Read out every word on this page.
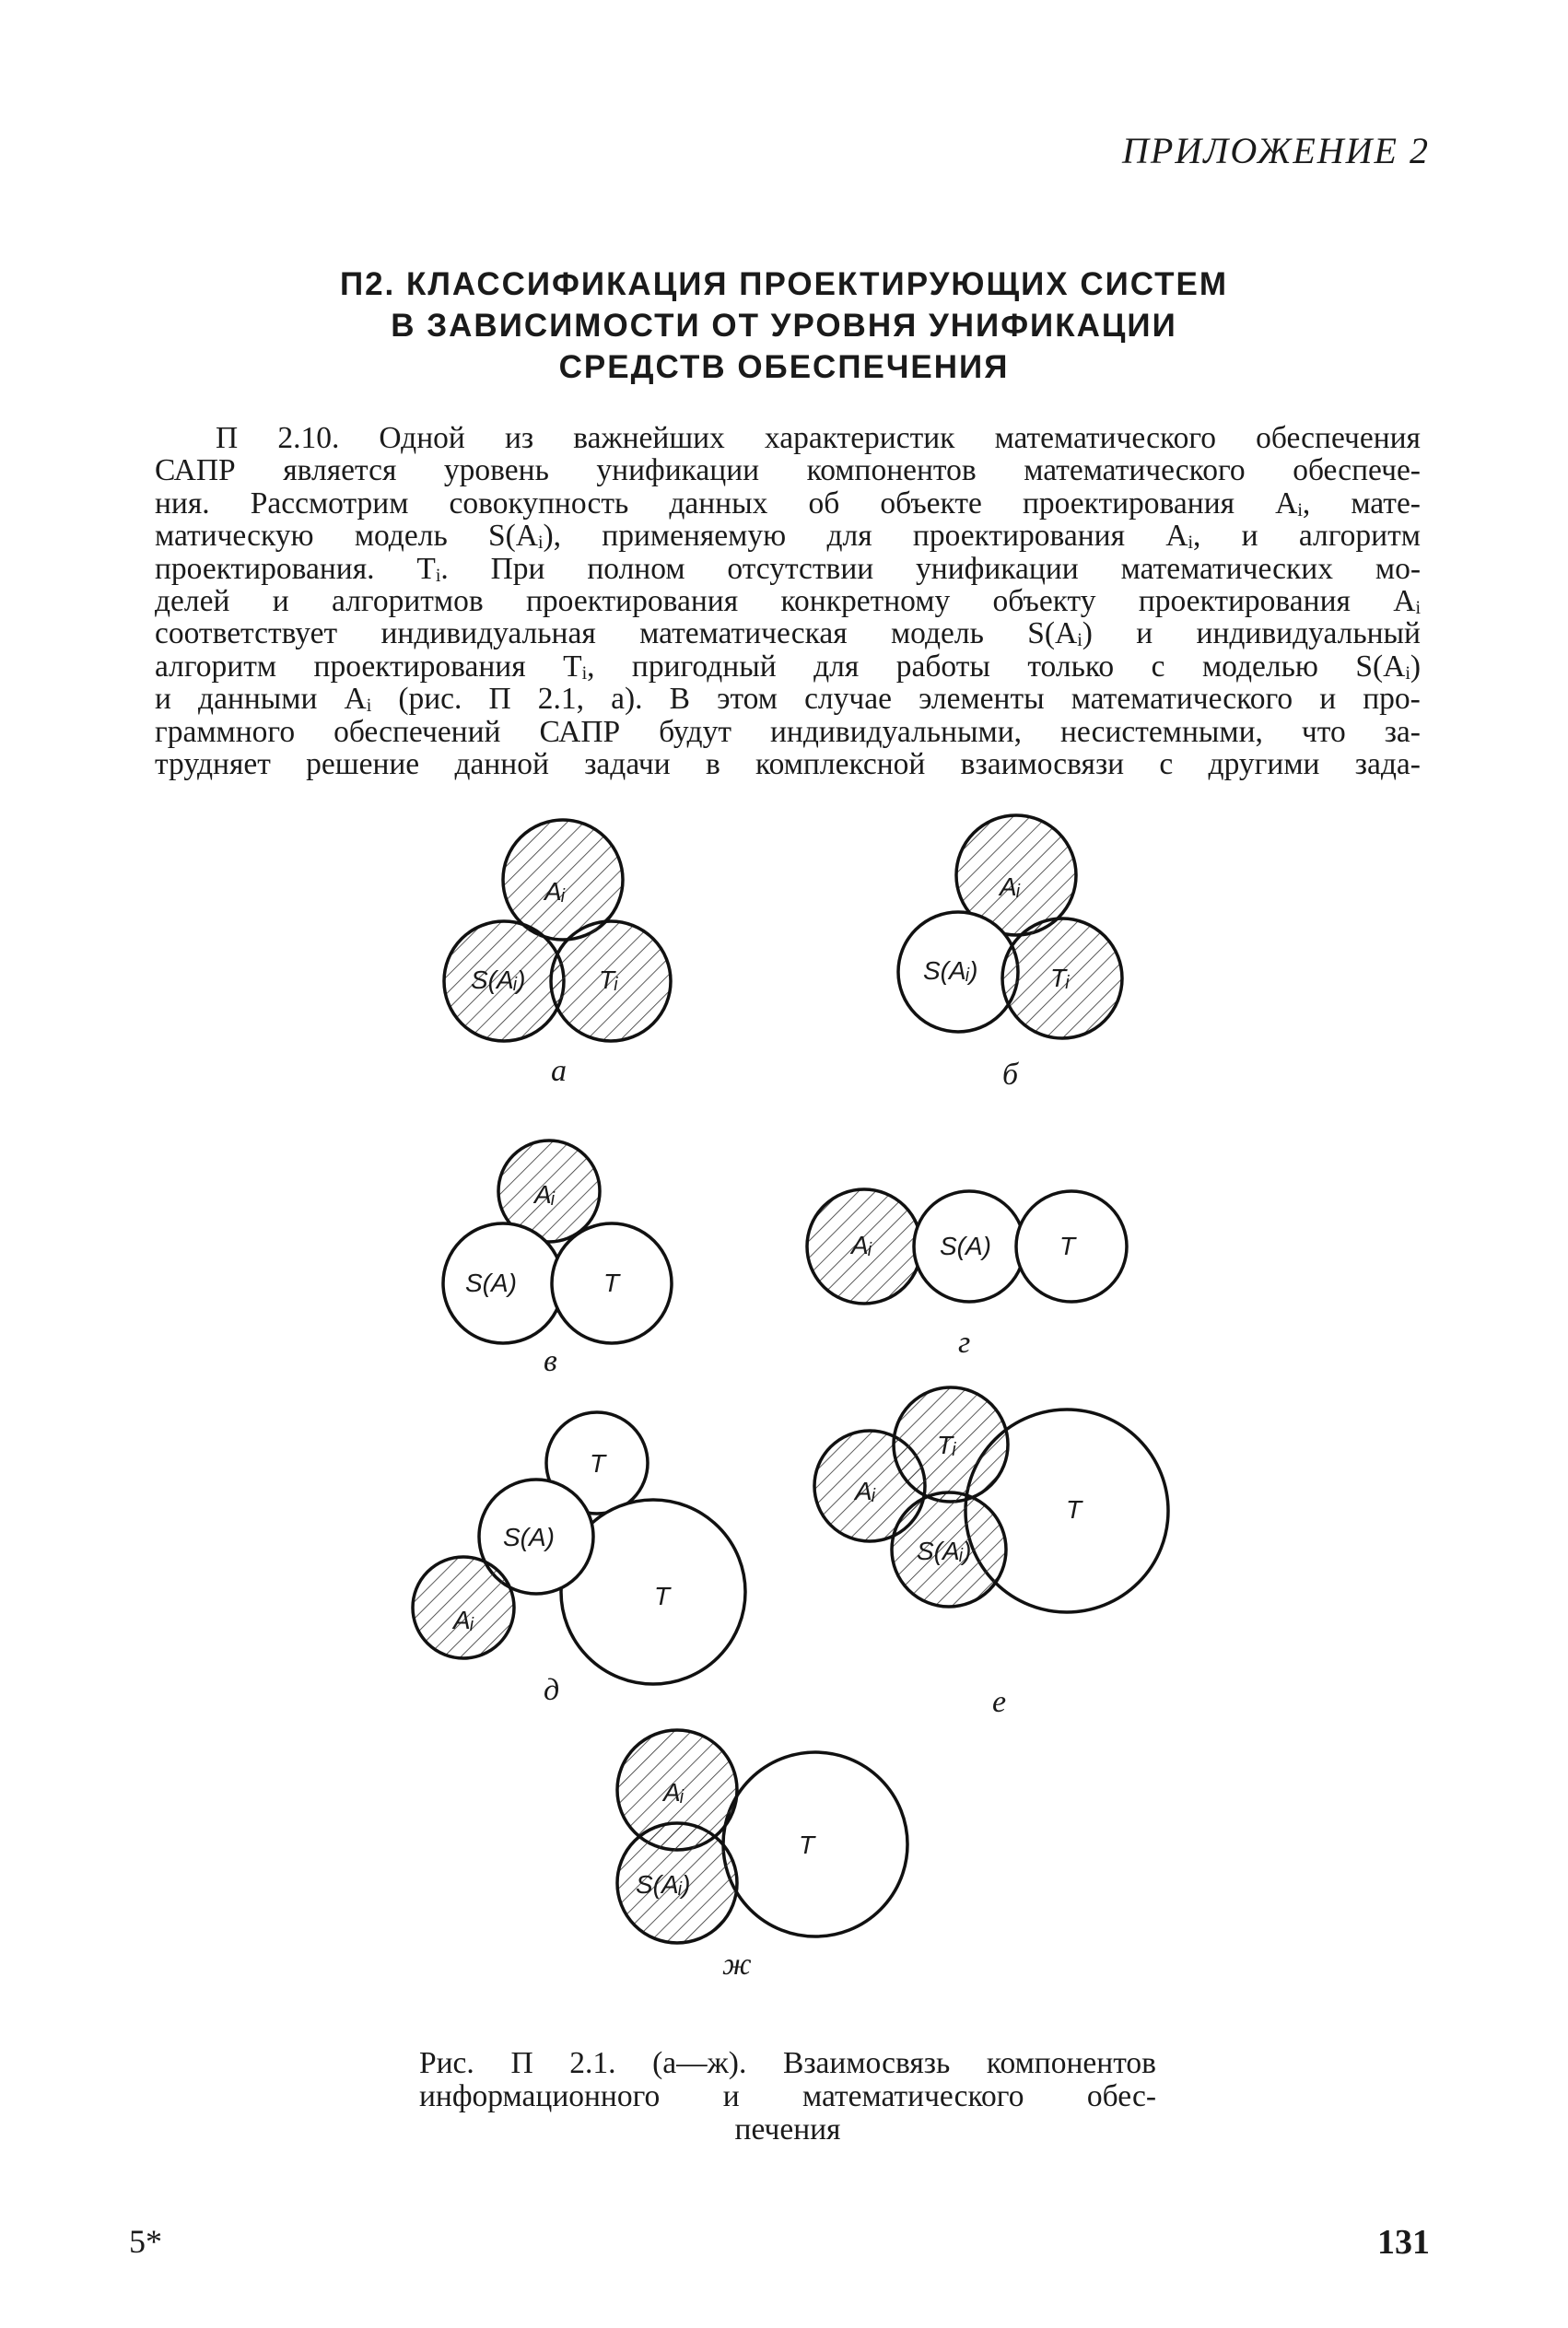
ПРИЛОЖЕНИЕ 2
П2. КЛАССИФИКАЦИЯ ПРОЕКТИРУЮЩИХ СИСТЕМ
В ЗАВИСИМОСТИ ОТ УРОВНЯ УНИФИКАЦИИ
СРЕДСТВ ОБЕСПЕЧЕНИЯ
П 2.10. Одной из важнейших характеристик математического обеспечения
САПР является уровень унификации компонентов математического обеспече-
ния. Рассмотрим совокупность данных об объекте проектирования Aᵢ, мате-
матическую модель S(Aᵢ), применяемую для проектирования Aᵢ, и алгоритм
проектирования. Tᵢ. При полном отсутствии унификации математических мо-
делей и алгоритмов проектирования конкретному объекту проектирования Aᵢ
соответствует индивидуальная математическая модель S(Aᵢ) и индивидуальный
алгоритм проектирования Tᵢ, пригодный для работы только с моделью S(Aᵢ)
и данными Aᵢ (рис. П 2.1, а). В этом случае элементы математического и про-
граммного обеспечений САПР будут индивидуальными, несистемными, что за-
трудняет решение данной задачи в комплексной взаимосвязи с другими зада-
Aᵢ
S(Aᵢ)	Tᵢ
а
Aᵢ
S(Aᵢ)	Tᵢ
б
Aᵢ
S(A)	T
в
Aᵢ	S(A)	T
г
T
S(A)
T
Aᵢ
д
Tᵢ
Aᵢ
S(Aᵢ)
T
е
Aᵢ
S(Aᵢ)
T
ж
Рис. П 2.1. (а—ж). Взаимосвязь компонентов
информационного и математического обес-
печения
5*	131
